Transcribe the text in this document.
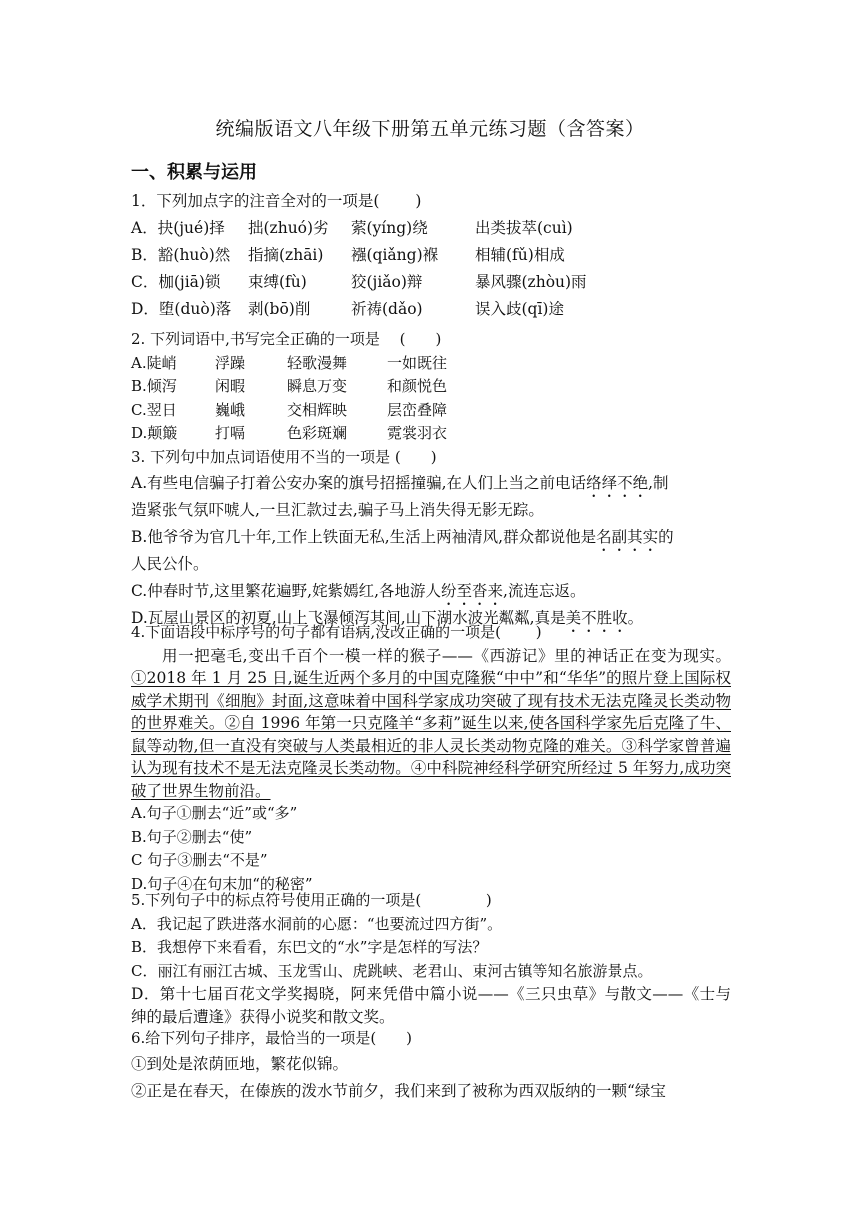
统编版语文八年级下册第五单元练习题（含答案）
一、积累与运用
1．下列加点字的注音全对的一项是(　　 )
A．抉(jué)择 拙(zhuó)劣 萦(yíng)绕	出类拔萃(cuì)
B．豁(huò)然 指摘(zhāi) 襁(qiǎng)褓 相辅(fǔ)相成
C．枷(jiā)锁 束缚(fù)	狡(jiǎo)辩	暴风骤(zhòu)雨
D．堕(duò)落 剥(bō)削	祈祷(dǎo)	误入歧(qī)途
2. 下列词语中,书写完全正确的一项是　 (　　)
A.陡峭	浮躁	轻歌漫舞	一如既往
B.倾泻	闲暇	瞬息万变	和颜悦色
C.翌日	巍峨	交相辉映	层峦叠障
D.颠簸	打嗝	色彩斑斓	霓裳羽衣
3. 下列句中加点词语使用不当的一项是 (　　)
A.有些电信骗子打着公安办案的旗号招摇撞骗,在人们上当之前电话络绎不绝,制
造紧张气氛吓唬人,一旦汇款过去,骗子马上消失得无影无踪。
B.他爷爷为官几十年,工作上铁面无私,生活上两袖清风,群众都说他是名副其实的
人民公仆。
C.仲春时节,这里繁花遍野,姹紫嫣红,各地游人纷至沓来,流连忘返。
D.瓦屋山景区的初夏,山上飞瀑倾泻其间,山下湖水波光粼粼,真是美不胜收。
4.下面语段中标序号的句子都有语病,没改正确的一项是(　　 )
用一把毫毛,变出千百个一模一样的猴子——《西游记》里的神话正在变为现实。①2018 年 1 月 25 日,诞生近两个多月的中国克隆猴“中中”和“华华”的照片登上国际权威学术期刊《细胞》封面,这意味着中国科学家成功突破了现有技术无法克隆灵长类动物的世界难关。②自 1996 年第一只克隆羊“多莉”诞生以来,使各国科学家先后克隆了牛、鼠等动物,但一直没有突破与人类最相近的非人灵长类动物克隆的难关。③科学家曾普遍认为现有技术不是无法克隆灵长类动物。④中科院神经科学研究所经过 5 年努力,成功突破了世界生物前沿。
A.句子①删去“近”或“多”
B.句子②删去“使”
C 句子③删去“不是”
D.句子④在句末加“的秘密”
5.下列句子中的标点符号使用正确的一项是(　　　　 )
A．我记起了跌进落水洞前的心愿：“也要流过四方街”。
B．我想停下来看看，东巴文的“水”字是怎样的写法？
C．丽江有丽江古城、玉龙雪山、虎跳峡、老君山、束河古镇等知名旅游景点。
D．第十七届百花文学奖揭晓，阿来凭借中篇小说——《三只虫草》与散文——《士与绅的最后遭逢》获得小说奖和散文奖。
6.给下列句子排序，最恰当的一项是(　　)
①到处是浓荫匝地，繁花似锦。
②正是在春天，在傣族的泼水节前夕，我们来到了被称为西双版纳的一颗“绿宝
